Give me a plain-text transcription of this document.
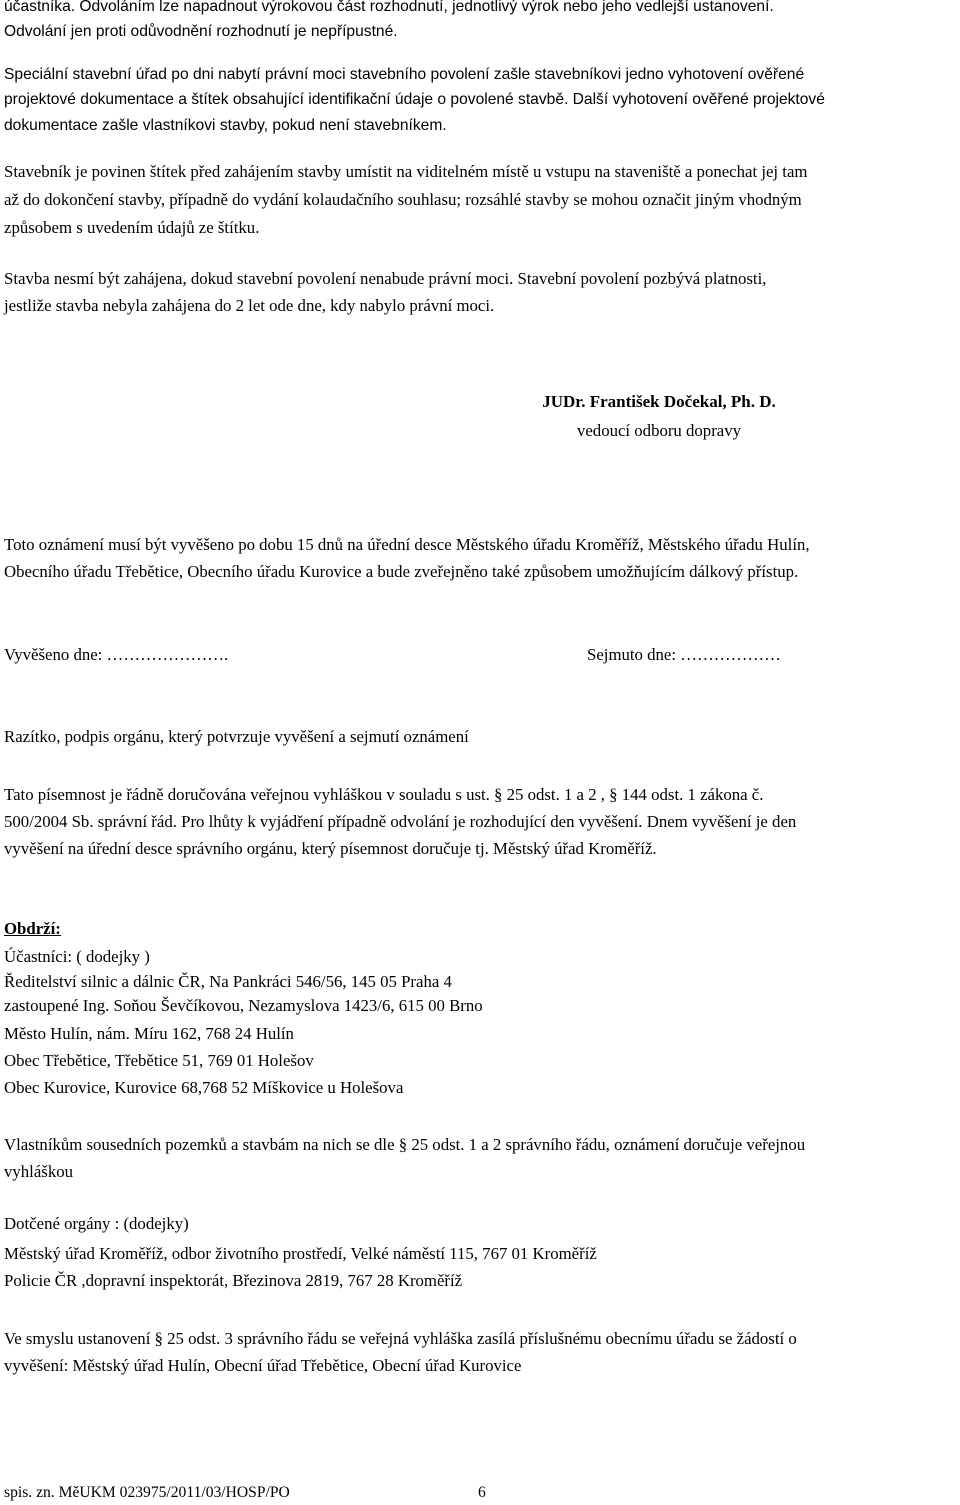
účastníka. Odvoláním lze napadnout výrokovou část rozhodnutí, jednotlivý výrok nebo jeho vedlejší ustanovení.
Odvolání jen proti odůvodnění rozhodnutí je nepřípustné.

Speciální stavební úřad po dni nabytí právní moci stavebního povolení zašle stavebníkovi jedno vyhotovení ověřené
projektové dokumentace a štítek obsahující identifikační údaje o povolené stavbě. Další vyhotovení ověřené projektové
dokumentace zašle vlastníkovi stavby, pokud není stavebníkem.

Stavebník je povinen štítek před zahájením stavby umístit na viditelném místě u vstupu na staveniště a ponechat jej tam
až do dokončení stavby, případně do vydání kolaudačního souhlasu; rozsáhlé stavby se mohou označit jiným vhodným
způsobem s uvedením údajů ze štítku.

Stavba nesmí být zahájena, dokud stavební povolení nenabude právní moci. Stavební povolení pozbývá platnosti,
jestliže stavba nebyla zahájena do 2 let ode dne, kdy nabylo právní moci.

JUDr. František Dočekal, Ph. D.

vedoucí odboru dopravy

Toto oznámení musí být vyvěšeno po dobu 15 dnů na úřední desce Městského úřadu Kroměříž, Městského úřadu Hulín,
Obecního úřadu Třebětice, Obecního úřadu Kurovice a bude zveřejněno také způsobem umožňujícím dálkový přístup.

Vyvěšeno dne: ………………….	Sejmuto dne: ………………

Razítko, podpis orgánu, který potvrzuje vyvěšení a sejmutí oznámení

Tato písemnost je řádně doručována veřejnou vyhláškou v souladu s ust. § 25 odst. 1 a 2 , § 144 odst. 1 zákona č.
500/2004 Sb. správní řád. Pro lhůty k vyjádření případně odvolání je rozhodující den vyvěšení. Dnem vyvěšení je den
vyvěšení na úřední desce správního orgánu, který písemnost doručuje tj. Městský úřad Kroměříž.

Obdrží:

Účastníci: ( dodejky )

Ředitelství silnic a dálnic ČR, Na Pankráci 546/56, 145 05 Praha 4
zastoupené Ing. Soňou Ševčíkovou, Nezamyslova 1423/6, 615 00 Brno
Město Hulín, nám. Míru 162, 768 24 Hulín
Obec Třebětice, Třebětice 51, 769 01 Holešov
Obec Kurovice, Kurovice 68,768 52 Míškovice u Holešova

Vlastníkům sousedních pozemků a stavbám na nich se dle § 25 odst. 1 a 2 správního řádu, oznámení doručuje veřejnou
vyhláškou

Dotčené orgány : (dodejky)

Městský úřad Kroměříž, odbor životního prostředí, Velké náměstí 115, 767 01 Kroměříž
Policie ČR ,dopravní inspektorát, Březinova 2819, 767 28 Kroměříž

Ve smyslu ustanovení § 25 odst. 3 správního řádu se veřejná vyhláška zasílá příslušnému obecnímu úřadu se žádostí o
vyvěšení: Městský úřad Hulín, Obecní úřad Třebětice, Obecní úřad Kurovice

spis. zn. MěUKM 023975/2011/03/HOSP/PO	6
